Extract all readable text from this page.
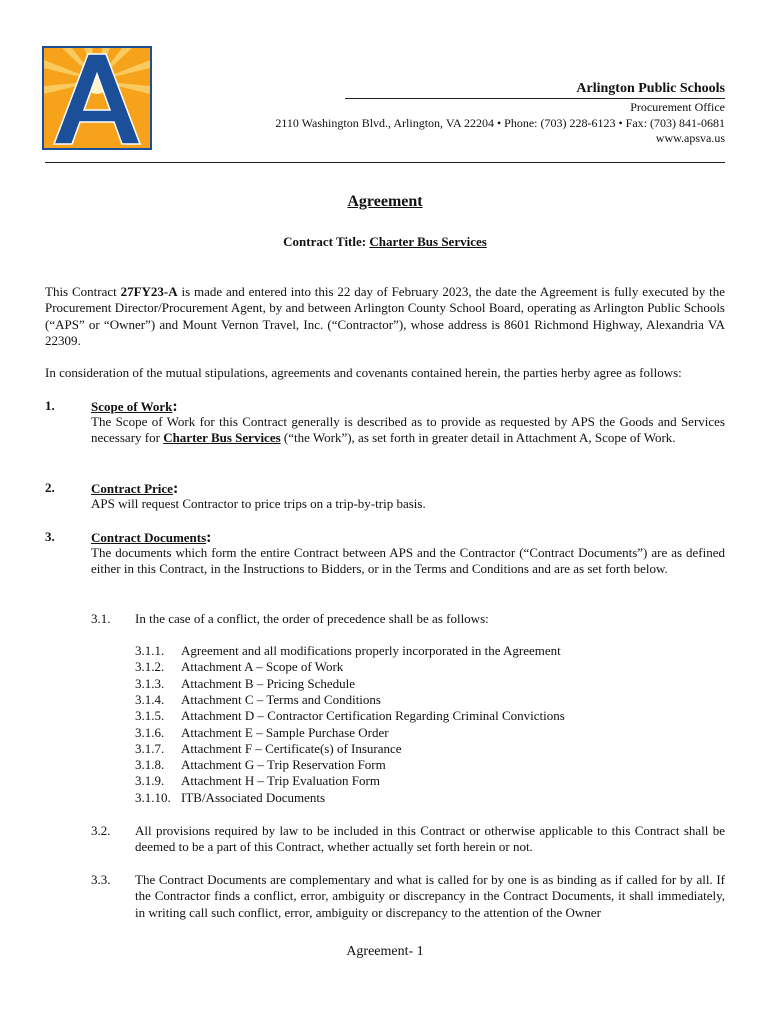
Arlington Public Schools
Procurement Office
2110 Washington Blvd., Arlington, VA 22204 • Phone: (703) 228-6123 • Fax: (703) 841-0681
www.apsva.us
Agreement
Contract Title: Charter Bus Services
This Contract 27FY23-A is made and entered into this 22 day of February 2023, the date the Agreement is fully executed by the Procurement Director/Procurement Agent, by and between Arlington County School Board, operating as Arlington Public Schools (“APS” or “Owner”) and Mount Vernon Travel, Inc. (“Contractor”), whose address is 8601 Richmond Highway, Alexandria VA 22309.
In consideration of the mutual stipulations, agreements and covenants contained herein, the parties herby agree as follows:
1.	Scope of Work:
The Scope of Work for this Contract generally is described as to provide as requested by APS the Goods and Services necessary for Charter Bus Services (“the Work”), as set forth in greater detail in Attachment A, Scope of Work.
2.	Contract Price:
APS will request Contractor to price trips on a trip-by-trip basis.
3.	Contract Documents:
The documents which form the entire Contract between APS and the Contractor (“Contract Documents”) are as defined either in this Contract, in the Instructions to Bidders, or in the Terms and Conditions and are as set forth below.
3.1. In the case of a conflict, the order of precedence shall be as follows:
3.1.1. Agreement and all modifications properly incorporated in the Agreement
3.1.2. Attachment A – Scope of Work
3.1.3. Attachment B – Pricing Schedule
3.1.4. Attachment C – Terms and Conditions
3.1.5. Attachment D – Contractor Certification Regarding Criminal Convictions
3.1.6. Attachment E – Sample Purchase Order
3.1.7. Attachment F – Certificate(s) of Insurance
3.1.8. Attachment G – Trip Reservation Form
3.1.9. Attachment H – Trip Evaluation Form
3.1.10. ITB/Associated Documents
3.2. All provisions required by law to be included in this Contract or otherwise applicable to this Contract shall be deemed to be a part of this Contract, whether actually set forth herein or not.
3.3. The Contract Documents are complementary and what is called for by one is as binding as if called for by all. If the Contractor finds a conflict, error, ambiguity or discrepancy in the Contract Documents, it shall immediately, in writing call such conflict, error, ambiguity or discrepancy to the attention of the Owner
Agreement- 1
